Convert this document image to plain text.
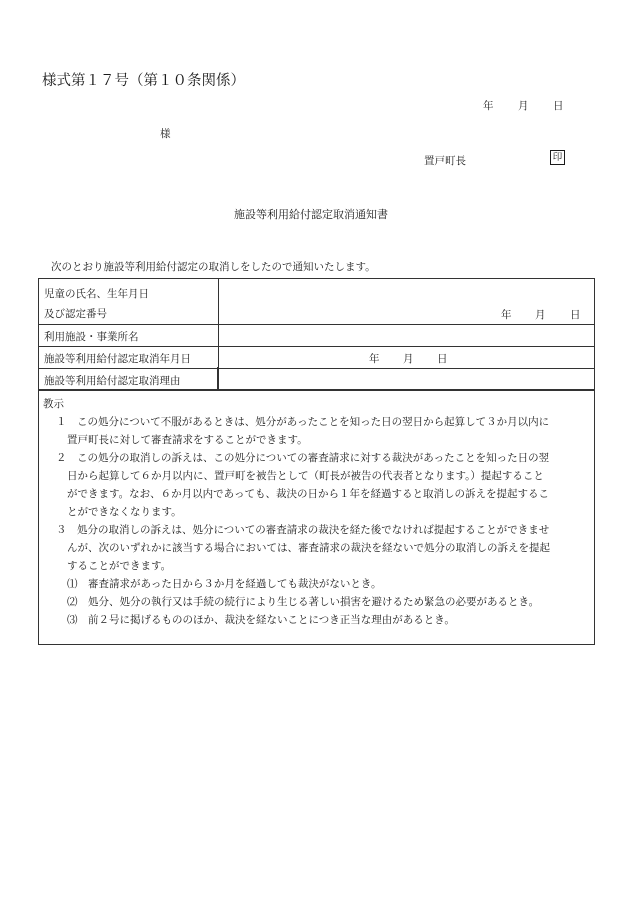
様式第１７号（第１０条関係）
年 月 日
様
置戸町長	印
施設等利用給付認定取消通知書
次のとおり施設等利用給付認定の取消しをしたので通知いたします。
児童の氏名、生年月日
及び認定番号	年 月 日
利用施設・事業所名
施設等利用給付認定取消年月日	年 月 日
施設等利用給付認定取消理由
教示
１　この処分について不服があるときは、処分があったことを知った日の翌日から起算して３か月以内に
置戸町長に対して審査請求をすることができます。
２　この処分の取消しの訴えは、この処分についての審査請求に対する裁決があったことを知った日の翌
日から起算して６か月以内に、置戸町を被告として（町長が被告の代表者となります。）提起すること
ができます。なお、６か月以内であっても、裁決の日から１年を経過すると取消しの訴えを提起するこ
とができなくなります。
３　処分の取消しの訴えは、処分についての審査請求の裁決を経た後でなければ提起することができませ
んが、次のいずれかに該当する場合においては、審査請求の裁決を経ないで処分の取消しの訴えを提起
することができます。
⑴　審査請求があった日から３か月を経過しても裁決がないとき。
⑵　処分、処分の執行又は手続の続行により生じる著しい損害を避けるため緊急の必要があるとき。
⑶　前２号に掲げるもののほか、裁決を経ないことにつき正当な理由があるとき。
